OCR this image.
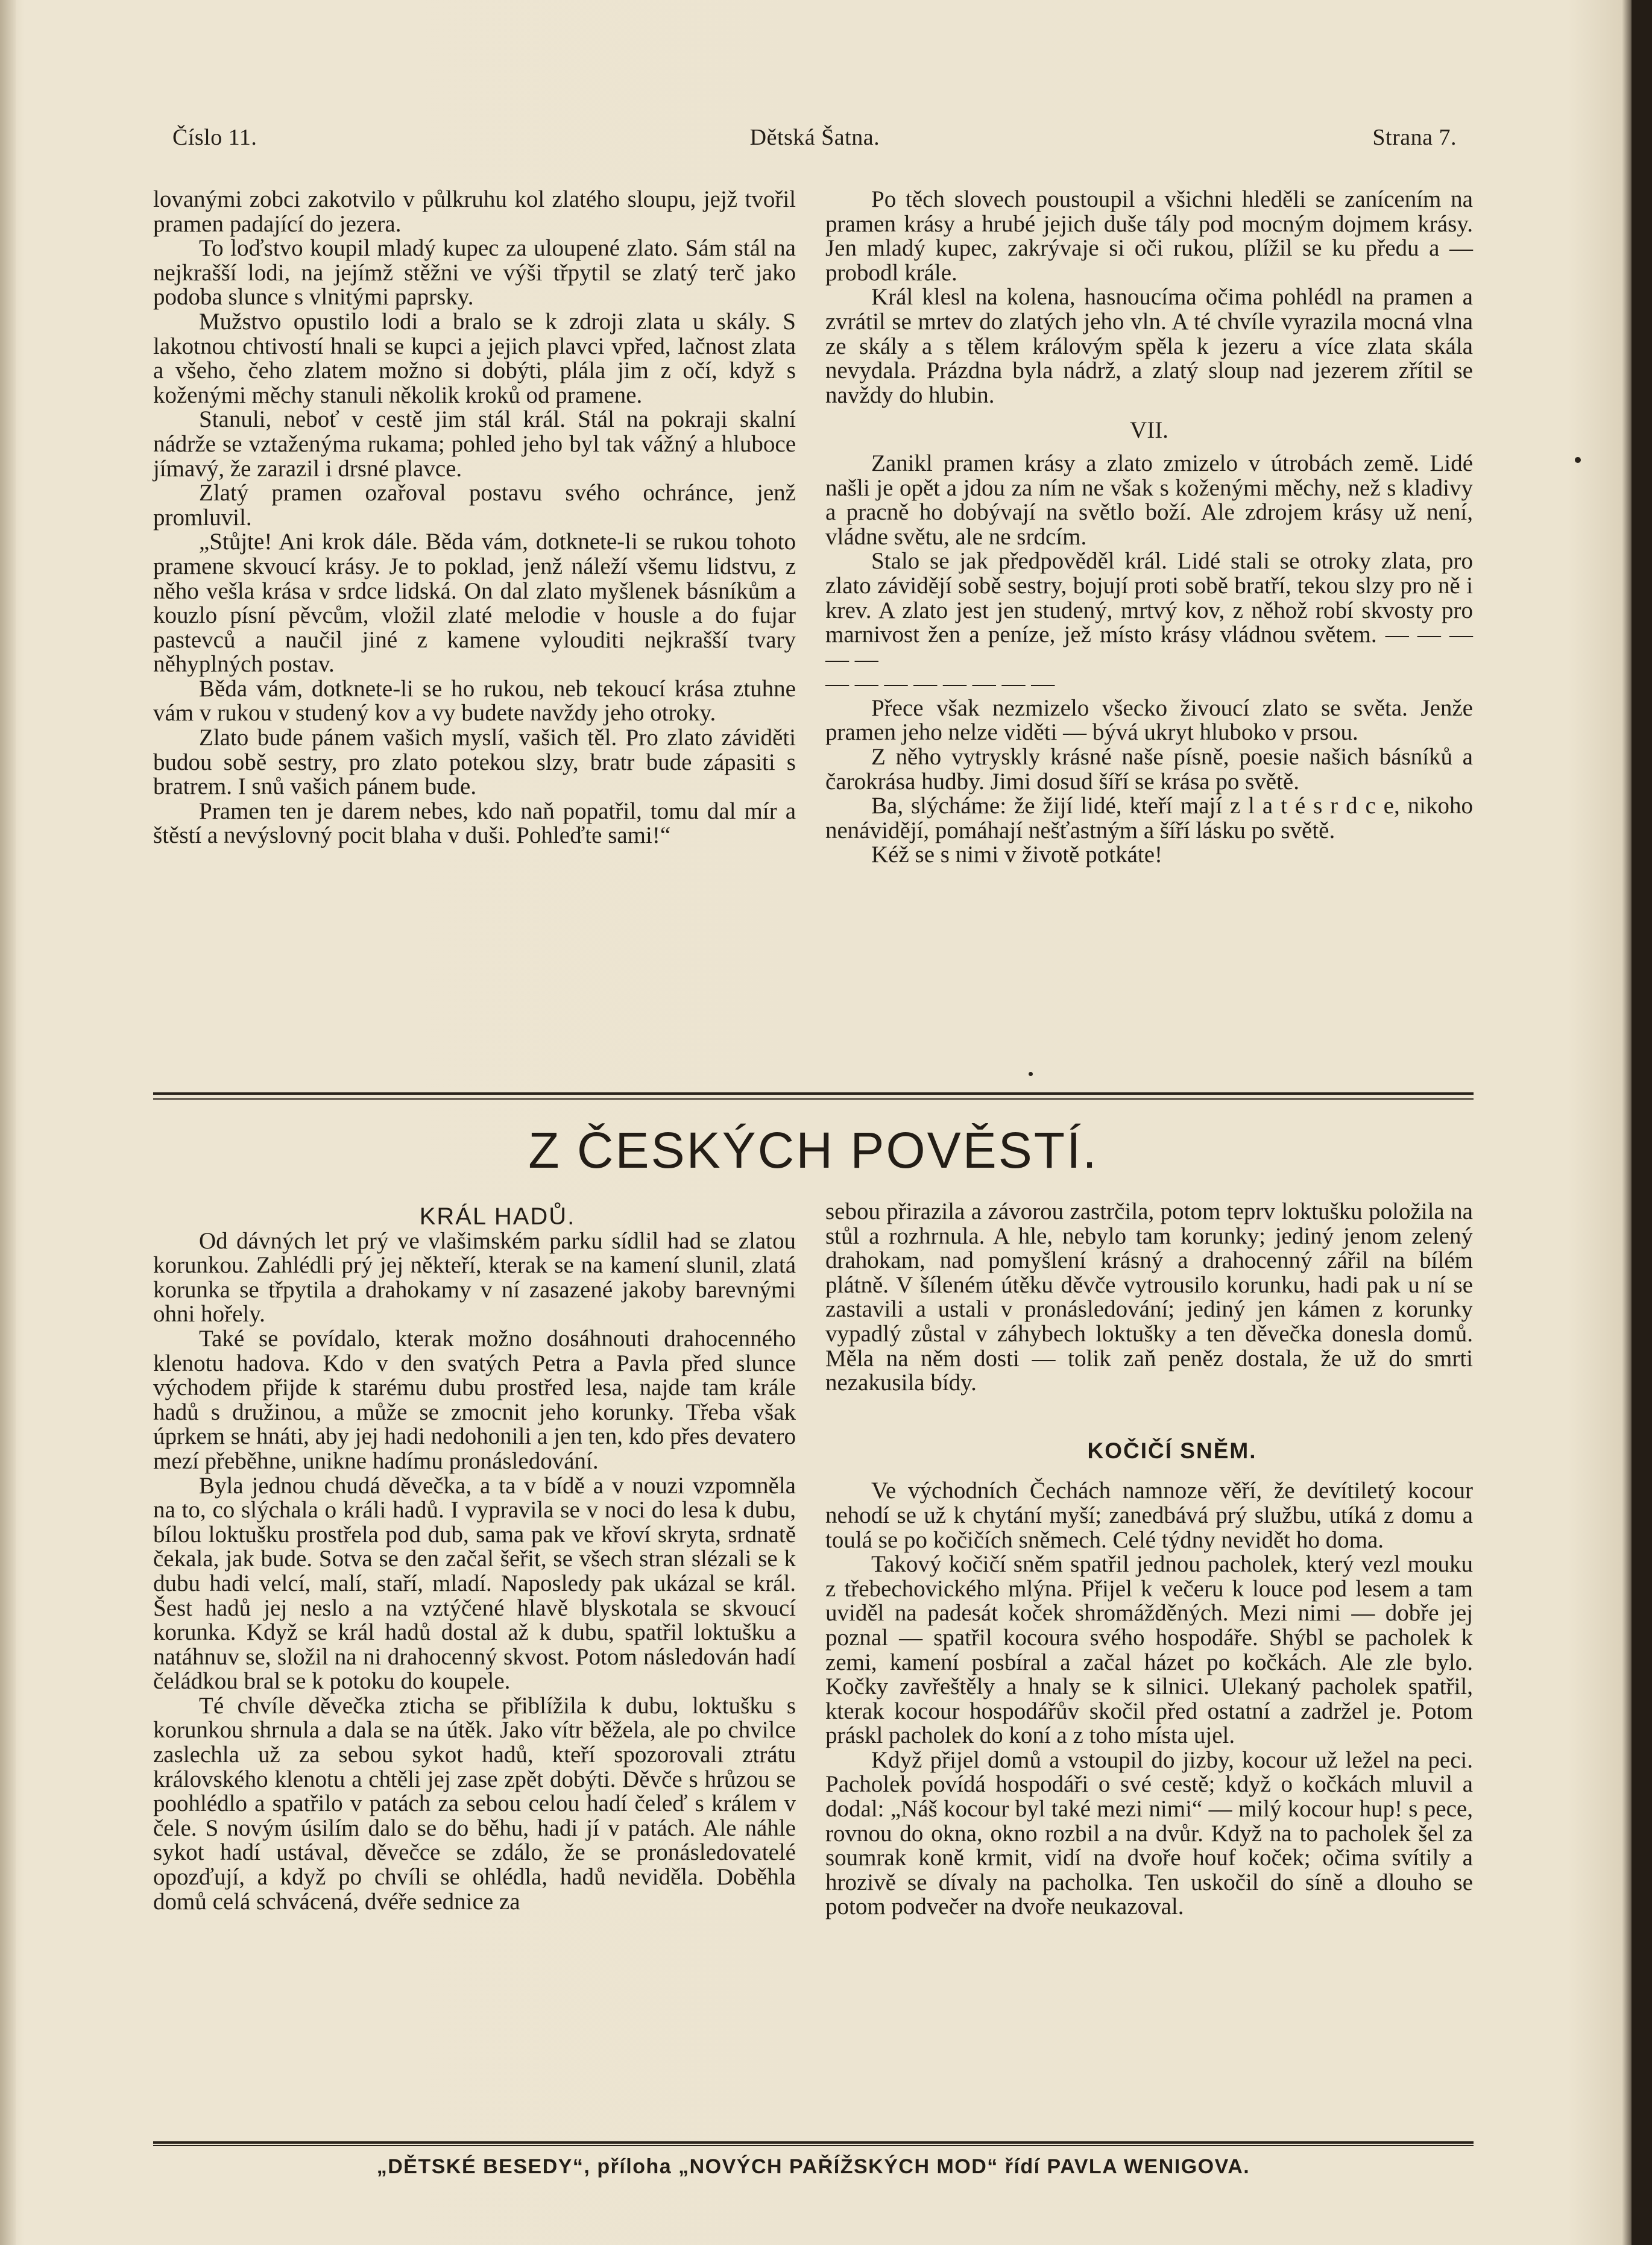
Číslo 11.	Dětská Šatna.	Strana 7.

lovanými zobci zakotvilo v půlkruhu kol zlatého sloupu, jejž tvořil pramen padající do jezera.

To loďstvo koupil mladý kupec za uloupené zlato. Sám stál na nejkrašší lodi, na jejímž stěžni ve výši třpytil se zlatý terč jako podoba slunce s vlnitými paprsky.

Mužstvo opustilo lodi a bralo se k zdroji zlata u skály. S lakotnou chtivostí hnali se kupci a jejich plavci vpřed, lačnost zlata a všeho, čeho zlatem možno si dobýti, plála jim z očí, když s koženými měchy stanuli několik kroků od pramene.

Stanuli, neboť v cestě jim stál král. Stál na pokraji skalní nádrže se vztaženýma rukama; pohled jeho byl tak vážný a hluboce jímavý, že zarazil i drsné plavce.

Zlatý pramen ozařoval postavu svého ochránce, jenž promluvil.

„Stůjte! Ani krok dále. Běda vám, dotknete-li se rukou tohoto pramene skvoucí krásy. Je to poklad, jenž náleží všemu lidstvu, z něho vešla krása v srdce lidská. On dal zlato myšlenek básníkům a kouzlo písní pěvcům, vložil zlaté melodie v housle a do fujar pastevců a naučil jiné z kamene vylouditi nejkrašší tvary něhyplných postav.

Běda vám, dotknete-li se ho rukou, neb tekoucí krása ztuhne vám v rukou v studený kov a vy budete navždy jeho otroky.

Zlato bude pánem vašich myslí, vašich těl. Pro zlato záviděti budou sobě sestry, pro zlato potekou slzy, bratr bude zápasiti s bratrem. I snů vašich pánem bude.

Pramen ten je darem nebes, kdo naň popatřil, tomu dal mír a štěstí a nevýslovný pocit blaha v duši. Pohleďte sami!“

Po těch slovech poustoupil a všichni hleděli se zanícením na pramen krásy a hrubé jejich duše tály pod mocným dojmem krásy. Jen mladý kupec, zakrývaje si oči rukou, plížil se ku předu a — probodl krále.

Král klesl na kolena, hasnoucíma očima pohlédl na pramen a zvrátil se mrtev do zlatých jeho vln. A té chvíle vyrazila mocná vlna ze skály a s tělem královým spěla k jezeru a více zlata skála nevydala. Prázdna byla nádrž, a zlatý sloup nad jezerem zřítil se navždy do hlubin.

VII.

Zanikl pramen krásy a zlato zmizelo v útrobách země. Lidé našli je opět a jdou za ním ne však s koženými měchy, než s kladivy a pracně ho dobývají na světlo boží. Ale zdrojem krásy už není, vládne světu, ale ne srdcím.

Stalo se jak předpověděl král. Lidé stali se otroky zlata, pro zlato závidějí sobě sestry, bojují proti sobě bratří, tekou slzy pro ně i krev. A zlato jest jen studený, mrtvý kov, z něhož robí skvosty pro marnivost žen a peníze, jež místo krásy vládnou světem. — — — — —

— — — — — — — —

Přece však nezmizelo všecko živoucí zlato se světa. Jenže pramen jeho nelze viděti — bývá ukryt hluboko v prsou.

Z něho vytryskly krásné naše písně, poesie našich básníků a čarokrása hudby. Jimi dosud šíří se krása po světě.

Ba, slýcháme: že žijí lidé, kteří mají z l a t é s r d c e, nikoho nenávidějí, pomáhají nešťastným a šíří lásku po světě.

Kéž se s nimi v životě potkáte!

Z ČESKÝCH POVĚSTÍ.

KRÁL HADŮ.

Od dávných let prý ve vlašimském parku sídlil had se zlatou korunkou. Zahlédli prý jej někteří, kterak se na kamení slunil, zlatá korunka se třpytila a drahokamy v ní zasazené jakoby barevnými ohni hořely.

Také se povídalo, kterak možno dosáhnouti drahocenného klenotu hadova. Kdo v den svatých Petra a Pavla před slunce východem přijde k starému dubu prostřed lesa, najde tam krále hadů s družinou, a může se zmocnit jeho korunky. Třeba však úprkem se hnáti, aby jej hadi nedohonili a jen ten, kdo přes devatero mezí přeběhne, unikne hadímu pronásledování.

Byla jednou chudá děvečka, a ta v bídě a v nouzi vzpomněla na to, co slýchala o králi hadů. I vypravila se v noci do lesa k dubu, bílou loktušku prostřela pod dub, sama pak ve křoví skryta, srdnatě čekala, jak bude. Sotva se den začal šeřit, se všech stran slézali se k dubu hadi velcí, malí, staří, mladí. Naposledy pak ukázal se král. Šest hadů jej neslo a na vztýčené hlavě blyskotala se skvoucí korunka. Když se král hadů dostal až k dubu, spatřil loktušku a natáhnuv se, složil na ni drahocenný skvost. Potom následován hadí čeládkou bral se k potoku do koupele.

Té chvíle děvečka zticha se přiblížila k dubu, loktušku s korunkou shrnula a dala se na útěk. Jako vítr běžela, ale po chvilce zaslechla už za sebou sykot hadů, kteří spozorovali ztrátu královského klenotu a chtěli jej zase zpět dobýti. Děvče s hrůzou se poohlédlo a spatřilo v patách za sebou celou hadí čeleď s králem v čele. S novým úsilím dalo se do běhu, hadi jí v patách. Ale náhle sykot hadí ustával, děvečce se zdálo, že se pronásledovatelé opozďují, a když po chvíli se ohlédla, hadů neviděla. Doběhla domů celá schvácená, dvéře sednice za

sebou přirazila a závorou zastrčila, potom teprv loktušku položila na stůl a rozhrnula. A hle, nebylo tam korunky; jediný jenom zelený drahokam, nad pomyšlení krásný a drahocenný zářil na bílém plátně. V šíleném útěku děvče vytrousilo korunku, hadi pak u ní se zastavili a ustali v pronásledování; jediný jen kámen z korunky vypadlý zůstal v záhybech loktušky a ten děvečka donesla domů. Měla na něm dosti — tolik zaň peněz dostala, že už do smrti nezakusila bídy.

KOČIČÍ SNĚM.

Ve východních Čechách namnoze věří, že devítiletý kocour nehodí se už k chytání myší; zanedbává prý službu, utíká z domu a toulá se po kočičích sněmech. Celé týdny nevidět ho doma.

Takový kočičí sněm spatřil jednou pacholek, který vezl mouku z třebechovického mlýna. Přijel k večeru k louce pod lesem a tam uviděl na padesát koček shromážděných. Mezi nimi — dobře jej poznal — spatřil kocoura svého hospodáře. Shýbl se pacholek k zemi, kamení posbíral a začal házet po kočkách. Ale zle bylo. Kočky zavřeštěly a hnaly se k silnici. Ulekaný pacholek spatřil, kterak kocour hospodářův skočil před ostatní a zadržel je. Potom práskl pacholek do koní a z toho místa ujel.

Když přijel domů a vstoupil do jizby, kocour už ležel na peci. Pacholek povídá hospodáři o své cestě; když o kočkách mluvil a dodal: „Náš kocour byl také mezi nimi“ — milý kocour hup! s pece, rovnou do okna, okno rozbil a na dvůr. Když na to pacholek šel za soumrak koně krmit, vidí na dvoře houf koček; očima svítily a hrozivě se dívaly na pacholka. Ten uskočil do síně a dlouho se potom podvečer na dvoře neukazoval.

„DĚTSKÉ BESEDY“, příloha „NOVÝCH PAŘÍŽSKÝCH MOD“ řídí PAVLA WENIGOVA.
